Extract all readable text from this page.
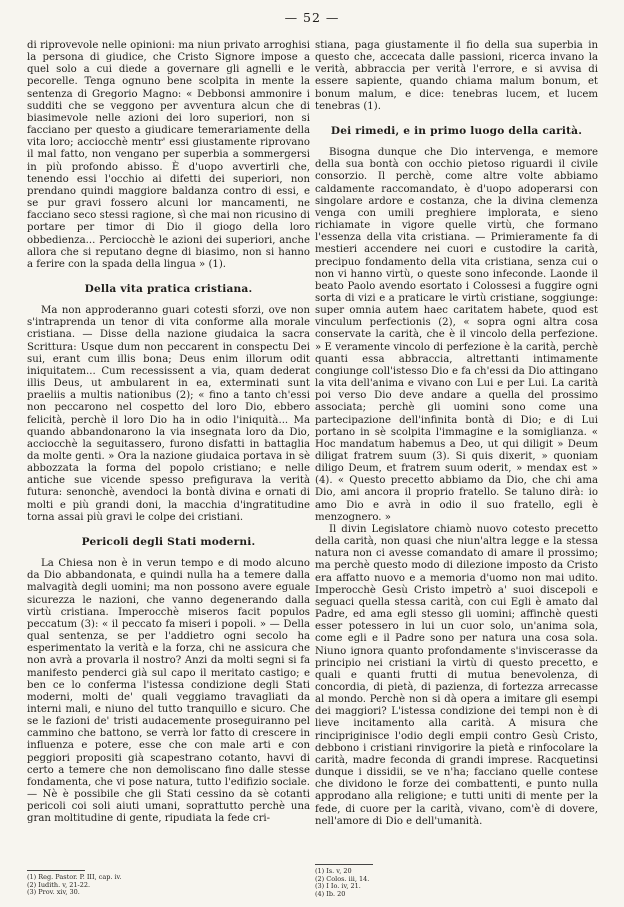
— 52 —

di riprovevole nelle opinioni: ma niun privato arroghisi la persona di giudice, che Cristo Signore impose a quel solo a cui diede a governare gli agnelli e le pecorelle. Tenga ognuno bene scolpita in mente la sentenza di Gregorio Magno: « Debbonsi ammonire i sudditi che se veggono per avventura alcun che di biasimevole nelle azioni dei loro superiori, non si facciano per questo a giudicare temerariamente della vita loro; acciocchè mentr' essi giustamente riprovano il mal fatto, non vengano per superbia a sommergersi in più profondo abisso. È d'uopo avvertirli che, tenendo essi l'occhio ai difetti dei superiori, non prendano quindi maggiore baldanza contro di essi, e se pur gravi fossero alcuni lor mancamenti, ne facciano seco stessi ragione, sì che mai non ricusino di portare per timor di Dio il giogo della loro obbedienza... Perciocchè le azioni dei superiori, anche allora che si reputano degne di biasimo, non si hanno a ferire con la spada della lingua » (1).

Della vita pratica cristiana.

Ma non approderanno guari cotesti sforzi, ove non s'intraprenda un tenor di vita conforme alla morale cristiana. — Disse della nazione giudaica la sacra Scrittura: Usque dum non peccarent in conspectu Dei sui, erant cum illis bona; Deus enim illorum odit iniquitatem... Cum recessissent a via, quam dederat illis Deus, ut ambularent in ea, exterminati sunt praeliis a multis nationibus (2); « fino a tanto ch'essi non peccarono nel cospetto del loro Dio, ebbero felicità, perchè il loro Dio ha in odio l'iniquità... Ma quando abbandonarono la via insegnata loro da Dio, acciocchè la seguitassero, furono disfatti in battaglia da molte genti. » Ora la nazione giudaica portava in sè abbozzata la forma del popolo cristiano; e nelle antiche sue vicende spesso prefigurava la verità futura: senonchè, avendoci la bontà divina e ornati di molti e più grandi doni, la macchia d'ingratitudine torna assai più gravi le colpe dei cristiani.

Pericoli degli Stati moderni.

La Chiesa non è in verun tempo e di modo alcuno da Dio abbandonata, e quindi nulla ha a temere dalla malvagità degli uomini; ma non possono avere eguale sicurezza le nazioni, che vanno degenerando dalla virtù cristiana. Imperocchè miseros facit populos peccatum (3): « il peccato fa miseri i popoli. » — Della qual sentenza, se per l'addietro ogni secolo ha esperimentato la verità e la forza, chi ne assicura che non avrà a provarla il nostro? Anzi da molti segni si fa manifesto penderci già sul capo il meritato castigo; e ben ce lo conferma l'istessa condizione degli Stati moderni, molti de' quali veggiamo travagliati da interni mali, e niuno del tutto tranquillo e sicuro. Che se le fazioni de' tristi audacemente proseguiranno pel cammino che battono, se verrà lor fatto di crescere in influenza e potere, esse che con male arti e con peggiori propositi già scapestrano cotanto, havvi di certo a temere che non demoliscano fino dalle stesse fondamenta, che vi pose natura, tutto l'edifizio sociale. — Nè è possibile che gli Stati cessino da sè cotanti pericoli coi soli aiuti umani, soprattutto perchè una gran moltitudine di gente, ripudiata la fede cri-

stiana, paga giustamente il fio della sua superbia in questo che, accecata dalle passioni, ricerca invano la verità, abbraccia per verità l'errore, e si avvisa di essere sapiente, quando chiama malum bonum, et bonum malum, e dice: tenebras lucem, et lucem tenebras (1).

Dei rimedi, e in primo luogo della carità.

Bisogna dunque che Dio intervenga, e memore della sua bontà con occhio pietoso riguardi il civile consorzio. Il perchè, come altre volte abbiamo caldamente raccomandato, è d'uopo adoperarsi con singolare ardore e costanza, che la divina clemenza venga con umili preghiere implorata, e sieno richiamate in vigore quelle virtù, che formano l'essenza della vita cristiana. — Primieramente fa di mestieri accendere nei cuori e custodire la carità, precipuo fondamento della vita cristiana, senza cui o non vi hanno virtù, o queste sono infeconde. Laonde il beato Paolo avendo esortato i Colossesi a fuggire ogni sorta di vizi e a praticare le virtù cristiane, soggiunge: super omnia autem haec caritatem habete, quod est vinculum perfectionis (2), « sopra ogni altra cosa conservate la carità, che è il vincolo della perfezione. » E veramente vincolo di perfezione è la carità, perchè quanti essa abbraccia, altrettanti intimamente congiunge coll'istesso Dio e fa ch'essi da Dio attingano la vita dell'anima e vivano con Lui e per Lui. La carità poi verso Dio deve andare a quella del prossimo associata; perchè gli uomini sono come una partecipazione dell'infinita bontà di Dio; e di Lui portano in sè scolpita l'immagine e la somiglianza. « Hoc mandatum habemus a Deo, ut qui diligit » Deum diligat fratrem suum (3). Si quis dixerit, » quoniam diligo Deum, et fratrem suum oderit, » mendax est » (4). « Questo precetto abbiamo da Dio, che chi ama Dio, ami ancora il proprio fratello. Se taluno dirà: io amo Dio e avrà in odio il suo fratello, egli è menzognero. »

Il divin Legislatore chiamò nuovo cotesto precetto della carità, non quasi che niun'altra legge e la stessa natura non ci avesse comandato di amare il prossimo; ma perchè questo modo di dilezione imposto da Cristo era affatto nuovo e a memoria d'uomo non mai udito. Imperocchè Gesù Cristo impetrò a' suoi discepoli e seguaci quella stessa carità, con cui Egli è amato dal Padre, ed ama egli stesso gli uomini; affinchè questi esser potessero in lui un cuor solo, un'anima sola, come egli e il Padre sono per natura una cosa sola. Niuno ignora quanto profondamente s'inviscerasse da principio nei cristiani la virtù di questo precetto, e quali e quanti frutti di mutua benevolenza, di concordia, di pietà, di pazienza, di fortezza arrecasse al mondo. Perchè non si dà opera a imitare gli esempi dei maggiori? L'istessa condizione dei tempi non è di lieve incitamento alla carità. A misura che rincipriginisce l'odio degli empii contro Gesù Cristo, debbono i cristiani rinvigorire la pietà e rinfocolare la carità, madre feconda di grandi imprese. Racquetinsi dunque i dissidii, se ve n'ha; facciano quelle contese che dividono le forze dei combattenti, e punto nulla approdano alla religione; e tutti uniti di mente per la fede, di cuore per la carità, vivano, com'è di dovere, nell'amore di Dio e dell'umanità.

(1) Reg. Pastor. P. III, cap. iv.
(2) Iudith. v, 21-22.
(3) Prov. xiv, 30.
(1) Is. v, 20
(2) Colos. iii, 14.
(3) I Io. iv, 21.
(4) Ib. 20
